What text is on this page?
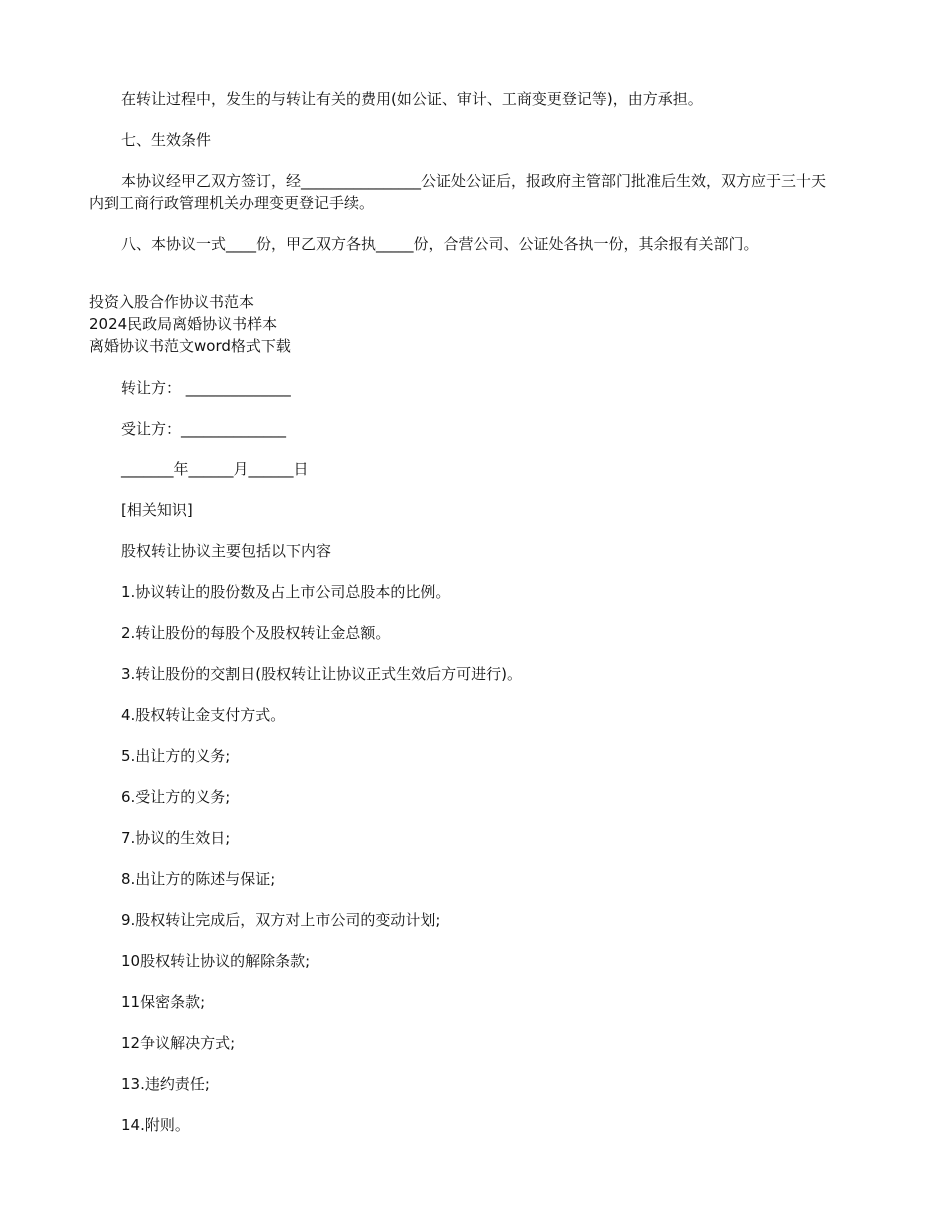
在转让过程中，发生的与转让有关的费用(如公证、审计、工商变更登记等)，由方承担。

七、生效条件

本协议经甲乙双方签订，经________________公证处公证后，报政府主管部门批准后生效，双方应于三十天内到工商行政管理机关办理变更登记手续。

八、本协议一式____份，甲乙双方各执_____份，合营公司、公证处各执一份，其余报有关部门。

投资入股合作协议书范本
2024民政局离婚协议书样本
离婚协议书范文word格式下载

转让方： ______________

受让方：______________

_______年______月______日

[相关知识]

股权转让协议主要包括以下内容
1.协议转让的股份数及占上市公司总股本的比例。
2.转让股份的每股个及股权转让金总额。
3.转让股份的交割日(股权转让让协议正式生效后方可进行)。
4.股权转让金支付方式。
5.出让方的义务;
6.受让方的义务;
7.协议的生效日;
8.出让方的陈述与保证;
9.股权转让完成后，双方对上市公司的变动计划;
10股权转让协议的解除条款;
11保密条款;
12争议解决方式;
13.违约责任;
14.附则。
